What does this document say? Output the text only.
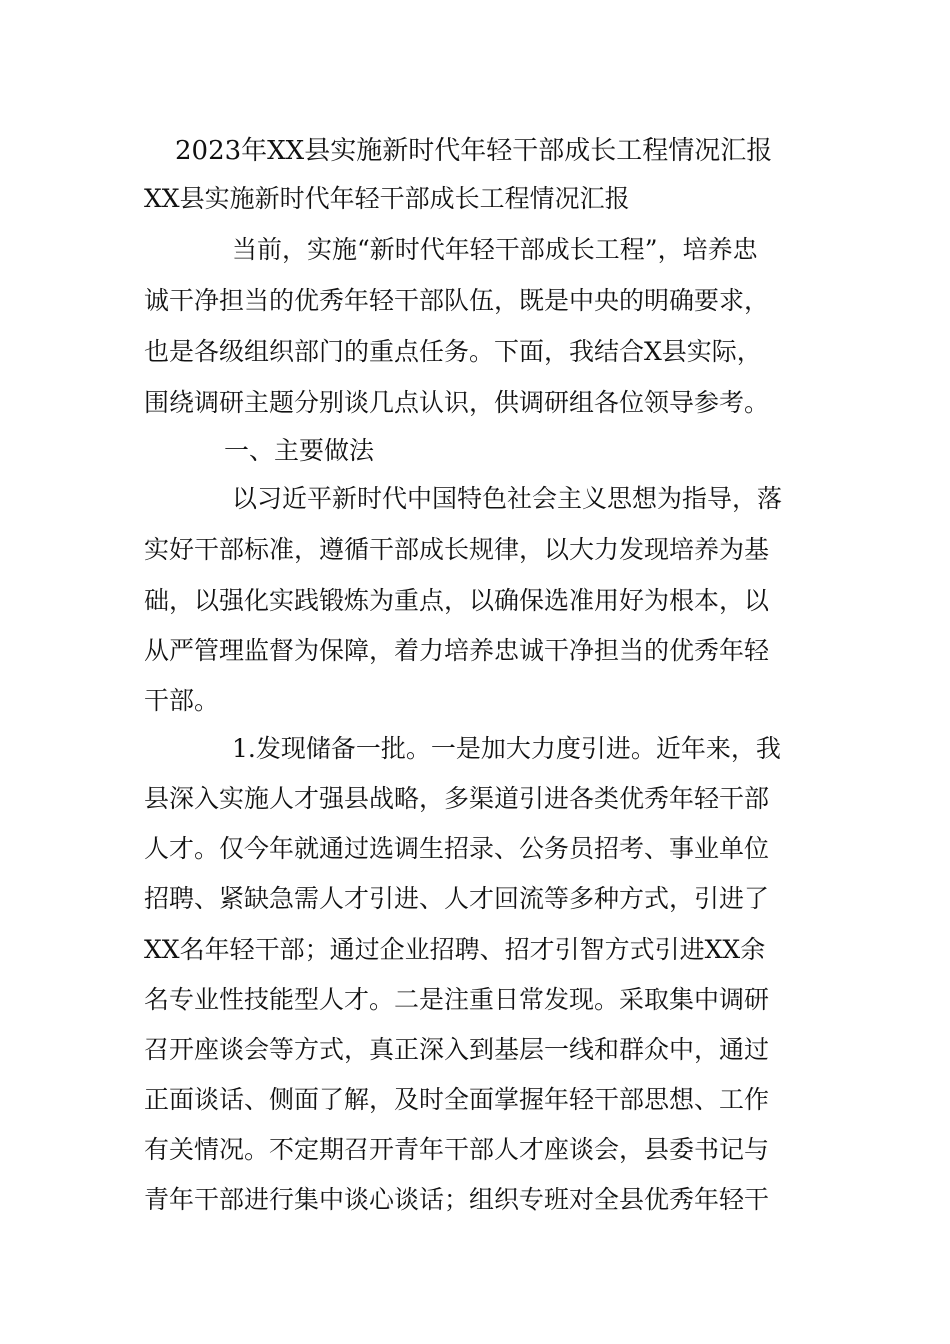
2023年XX县实施新时代年轻干部成长工程情况汇报
XX县实施新时代年轻干部成长工程情况汇报
当前，实施“新时代年轻干部成长工程”，培养忠
诚干净担当的优秀年轻干部队伍，既是中央的明确要求，
也是各级组织部门的重点任务。下面，我结合X县实际，
围绕调研主题分别谈几点认识，供调研组各位领导参考。
一、主要做法
以习近平新时代中国特色社会主义思想为指导，落
实好干部标准，遵循干部成长规律，以大力发现培养为基
础，以强化实践锻炼为重点，以确保选准用好为根本，以
从严管理监督为保障，着力培养忠诚干净担当的优秀年轻
干部。
1.发现储备一批。一是加大力度引进。近年来，我
县深入实施人才强县战略，多渠道引进各类优秀年轻干部
人才。仅今年就通过选调生招录、公务员招考、事业单位
招聘、紧缺急需人才引进、人才回流等多种方式，引进了
XX名年轻干部；通过企业招聘、招才引智方式引进XX余
名专业性技能型人才。二是注重日常发现。采取集中调研
召开座谈会等方式，真正深入到基层一线和群众中，通过
正面谈话、侧面了解，及时全面掌握年轻干部思想、工作
有关情况。不定期召开青年干部人才座谈会，县委书记与
青年干部进行集中谈心谈话；组织专班对全县优秀年轻干
